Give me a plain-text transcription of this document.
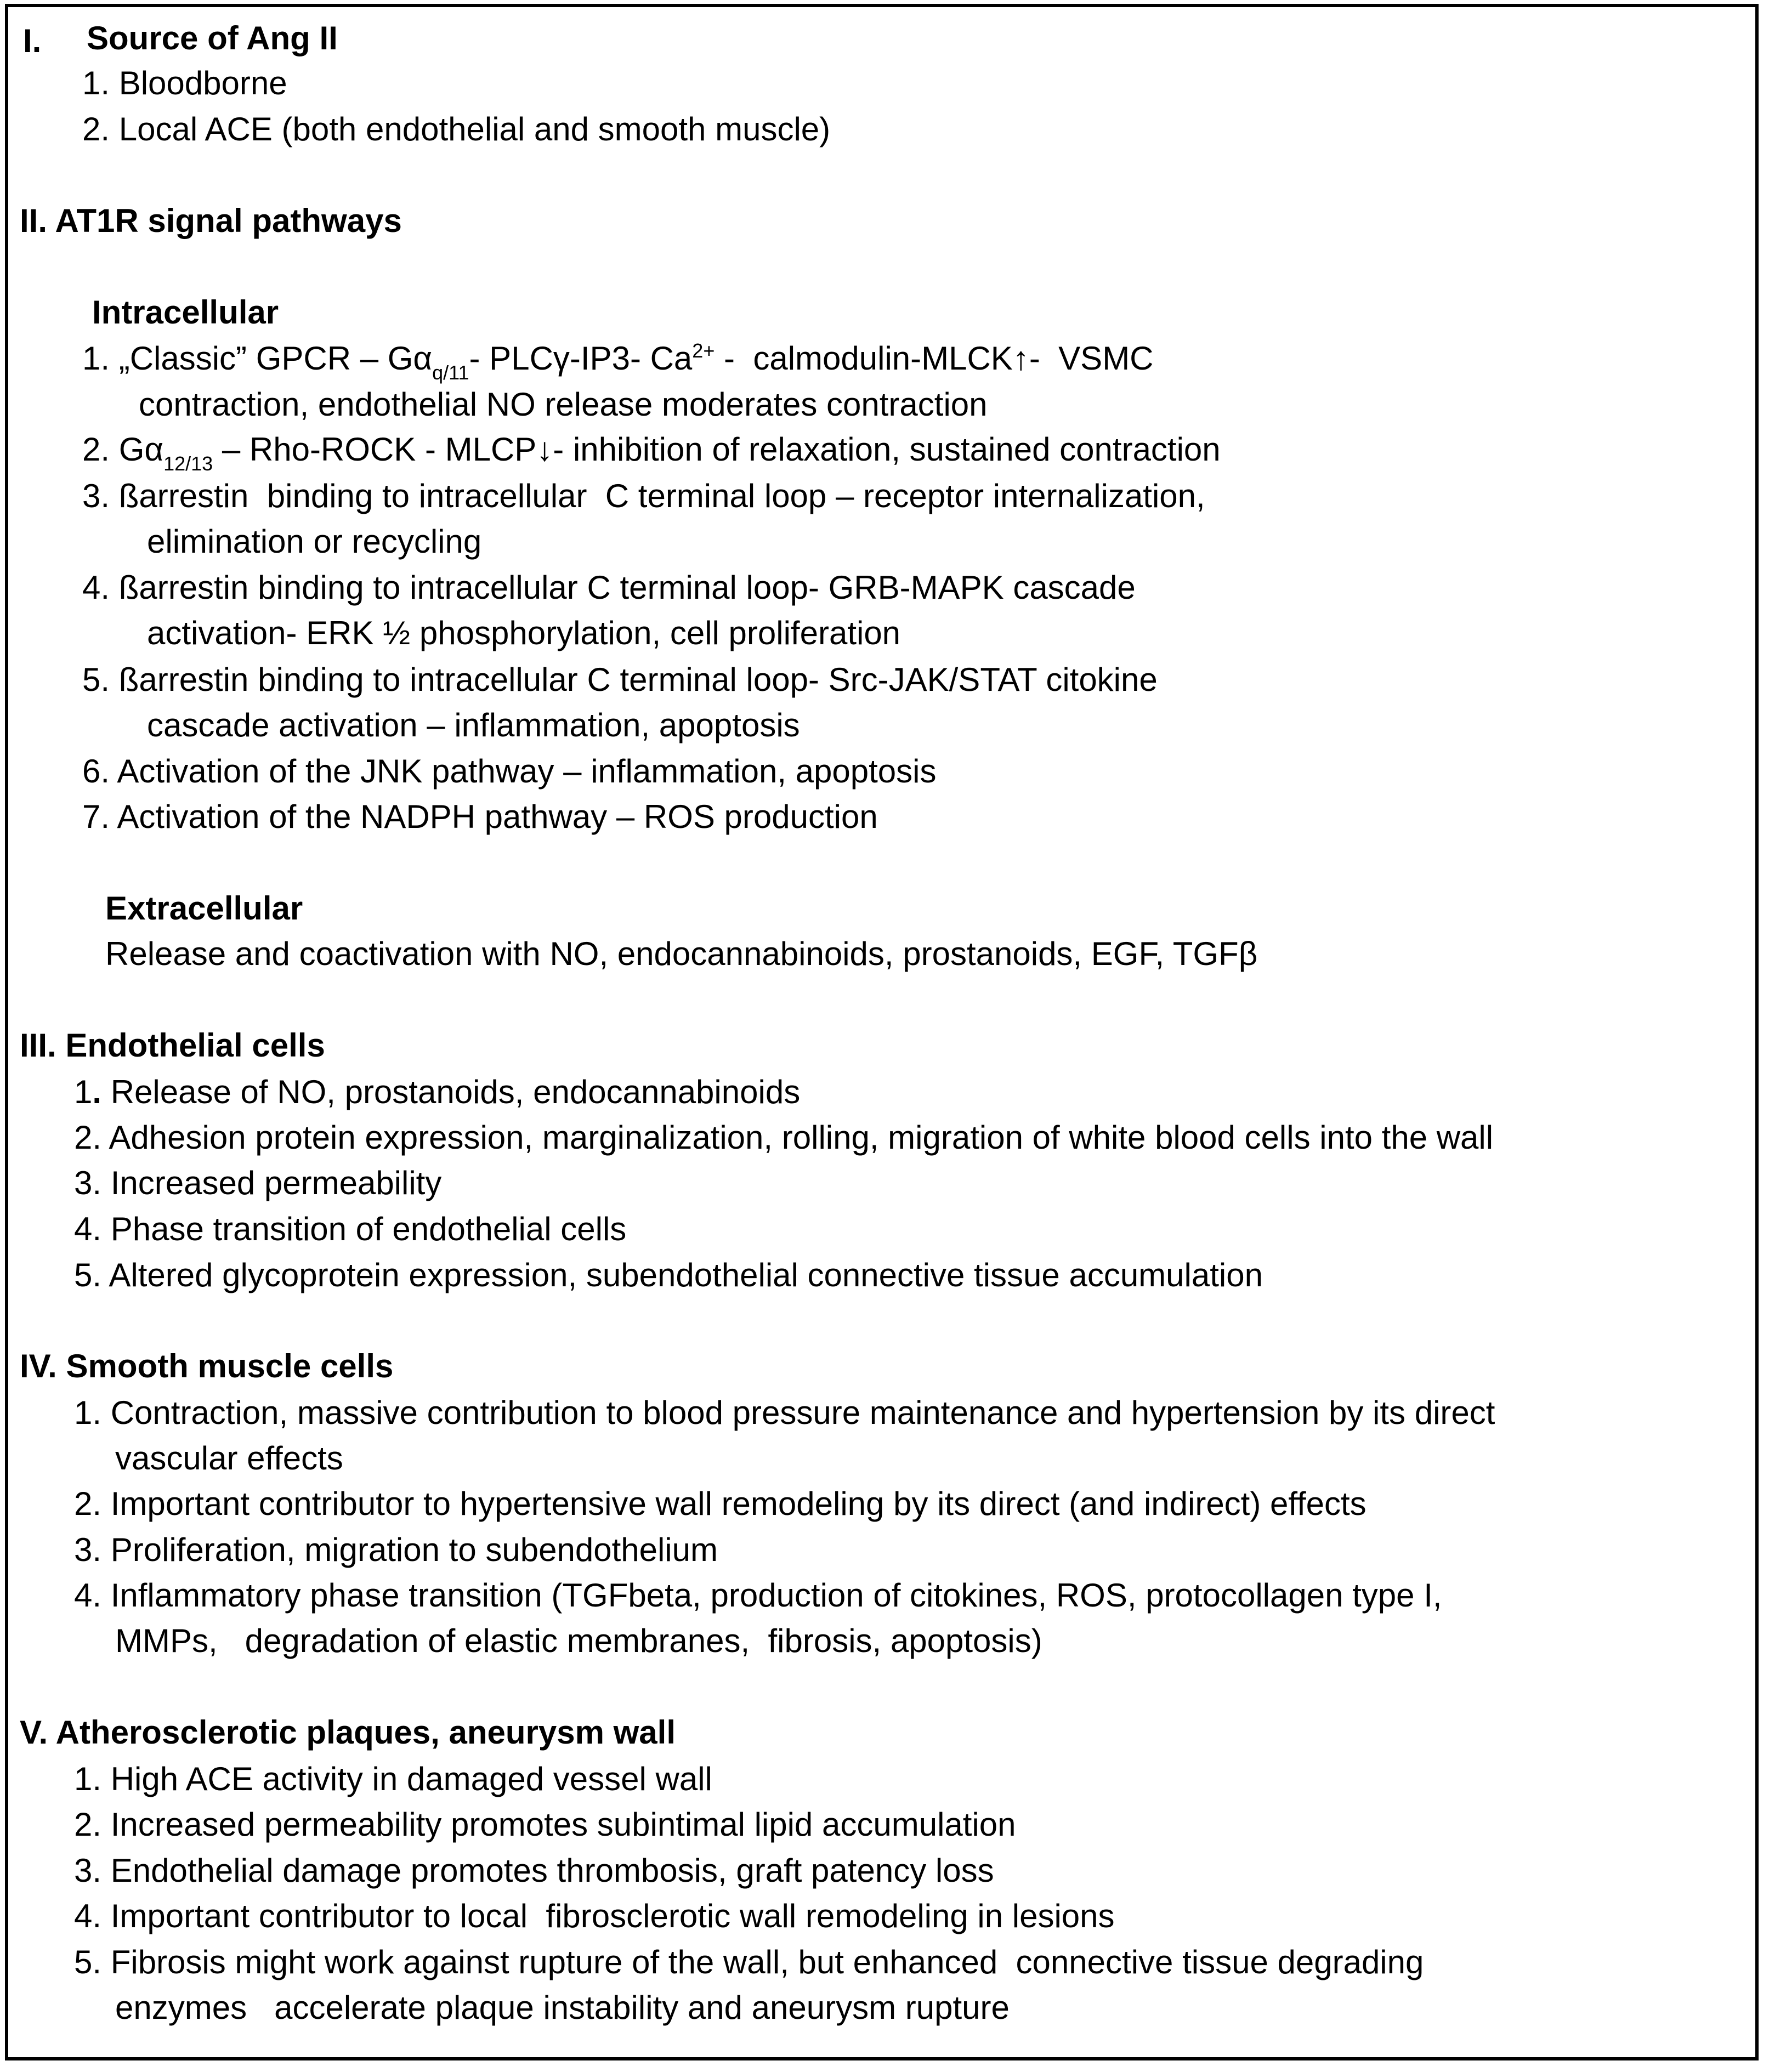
I. Source of Ang II
1. Bloodborne
2. Local ACE (both endothelial and smooth muscle)
II. AT1R signal pathways
Intracellular
1. „Classic” GPCR – $G\alpha_{q/11}-$ PLCγ-IP3- $Ca^{2+}$ -  calmodulin-MLCK↑-  VSMC
contraction, endothelial NO release moderates contraction
2. $G\alpha_{12/13}$ – Rho-ROCK - MLCP↓- inhibition of relaxation, sustained contraction
3. ßarrestin  binding to intracellular  C terminal loop – receptor internalization,
elimination or recycling
4. ßarrestin binding to intracellular C terminal loop- GRB-MAPK cascade
activation- ERK ½ phosphorylation, cell proliferation
5. ßarrestin binding to intracellular C terminal loop- Src-JAK/STAT citokine
cascade activation – inflammation, apoptosis
6. Activation of the JNK pathway – inflammation, apoptosis
7. Activation of the NADPH pathway – ROS production
Extracellular
Release and coactivation with NO, endocannabinoids, prostanoids, EGF, TGFβ
III. Endothelial cells
1. Release of NO, prostanoids, endocannabinoids
2. Adhesion protein expression, marginalization, rolling, migration of white blood cells into the wall
3. Increased permeability
4. Phase transition of endothelial cells
5. Altered glycoprotein expression, subendothelial connective tissue accumulation
IV. Smooth muscle cells
1. Contraction, massive contribution to blood pressure maintenance and hypertension by its direct
vascular effects
2. Important contributor to hypertensive wall remodeling by its direct (and indirect) effects
3. Proliferation, migration to subendothelium
4. Inflammatory phase transition (TGFbeta, production of citokines, ROS, protocollagen type I,
MMPs,   degradation of elastic membranes,  fibrosis, apoptosis)
V. Atherosclerotic plaques, aneurysm wall
1. High ACE activity in damaged vessel wall
2. Increased permeability promotes subintimal lipid accumulation
3. Endothelial damage promotes thrombosis, graft patency loss
4. Important contributor to local  fibrosclerotic wall remodeling in lesions
5. Fibrosis might work against rupture of the wall, but enhanced  connective tissue degrading
enzymes   accelerate plaque instability and aneurysm rupture
